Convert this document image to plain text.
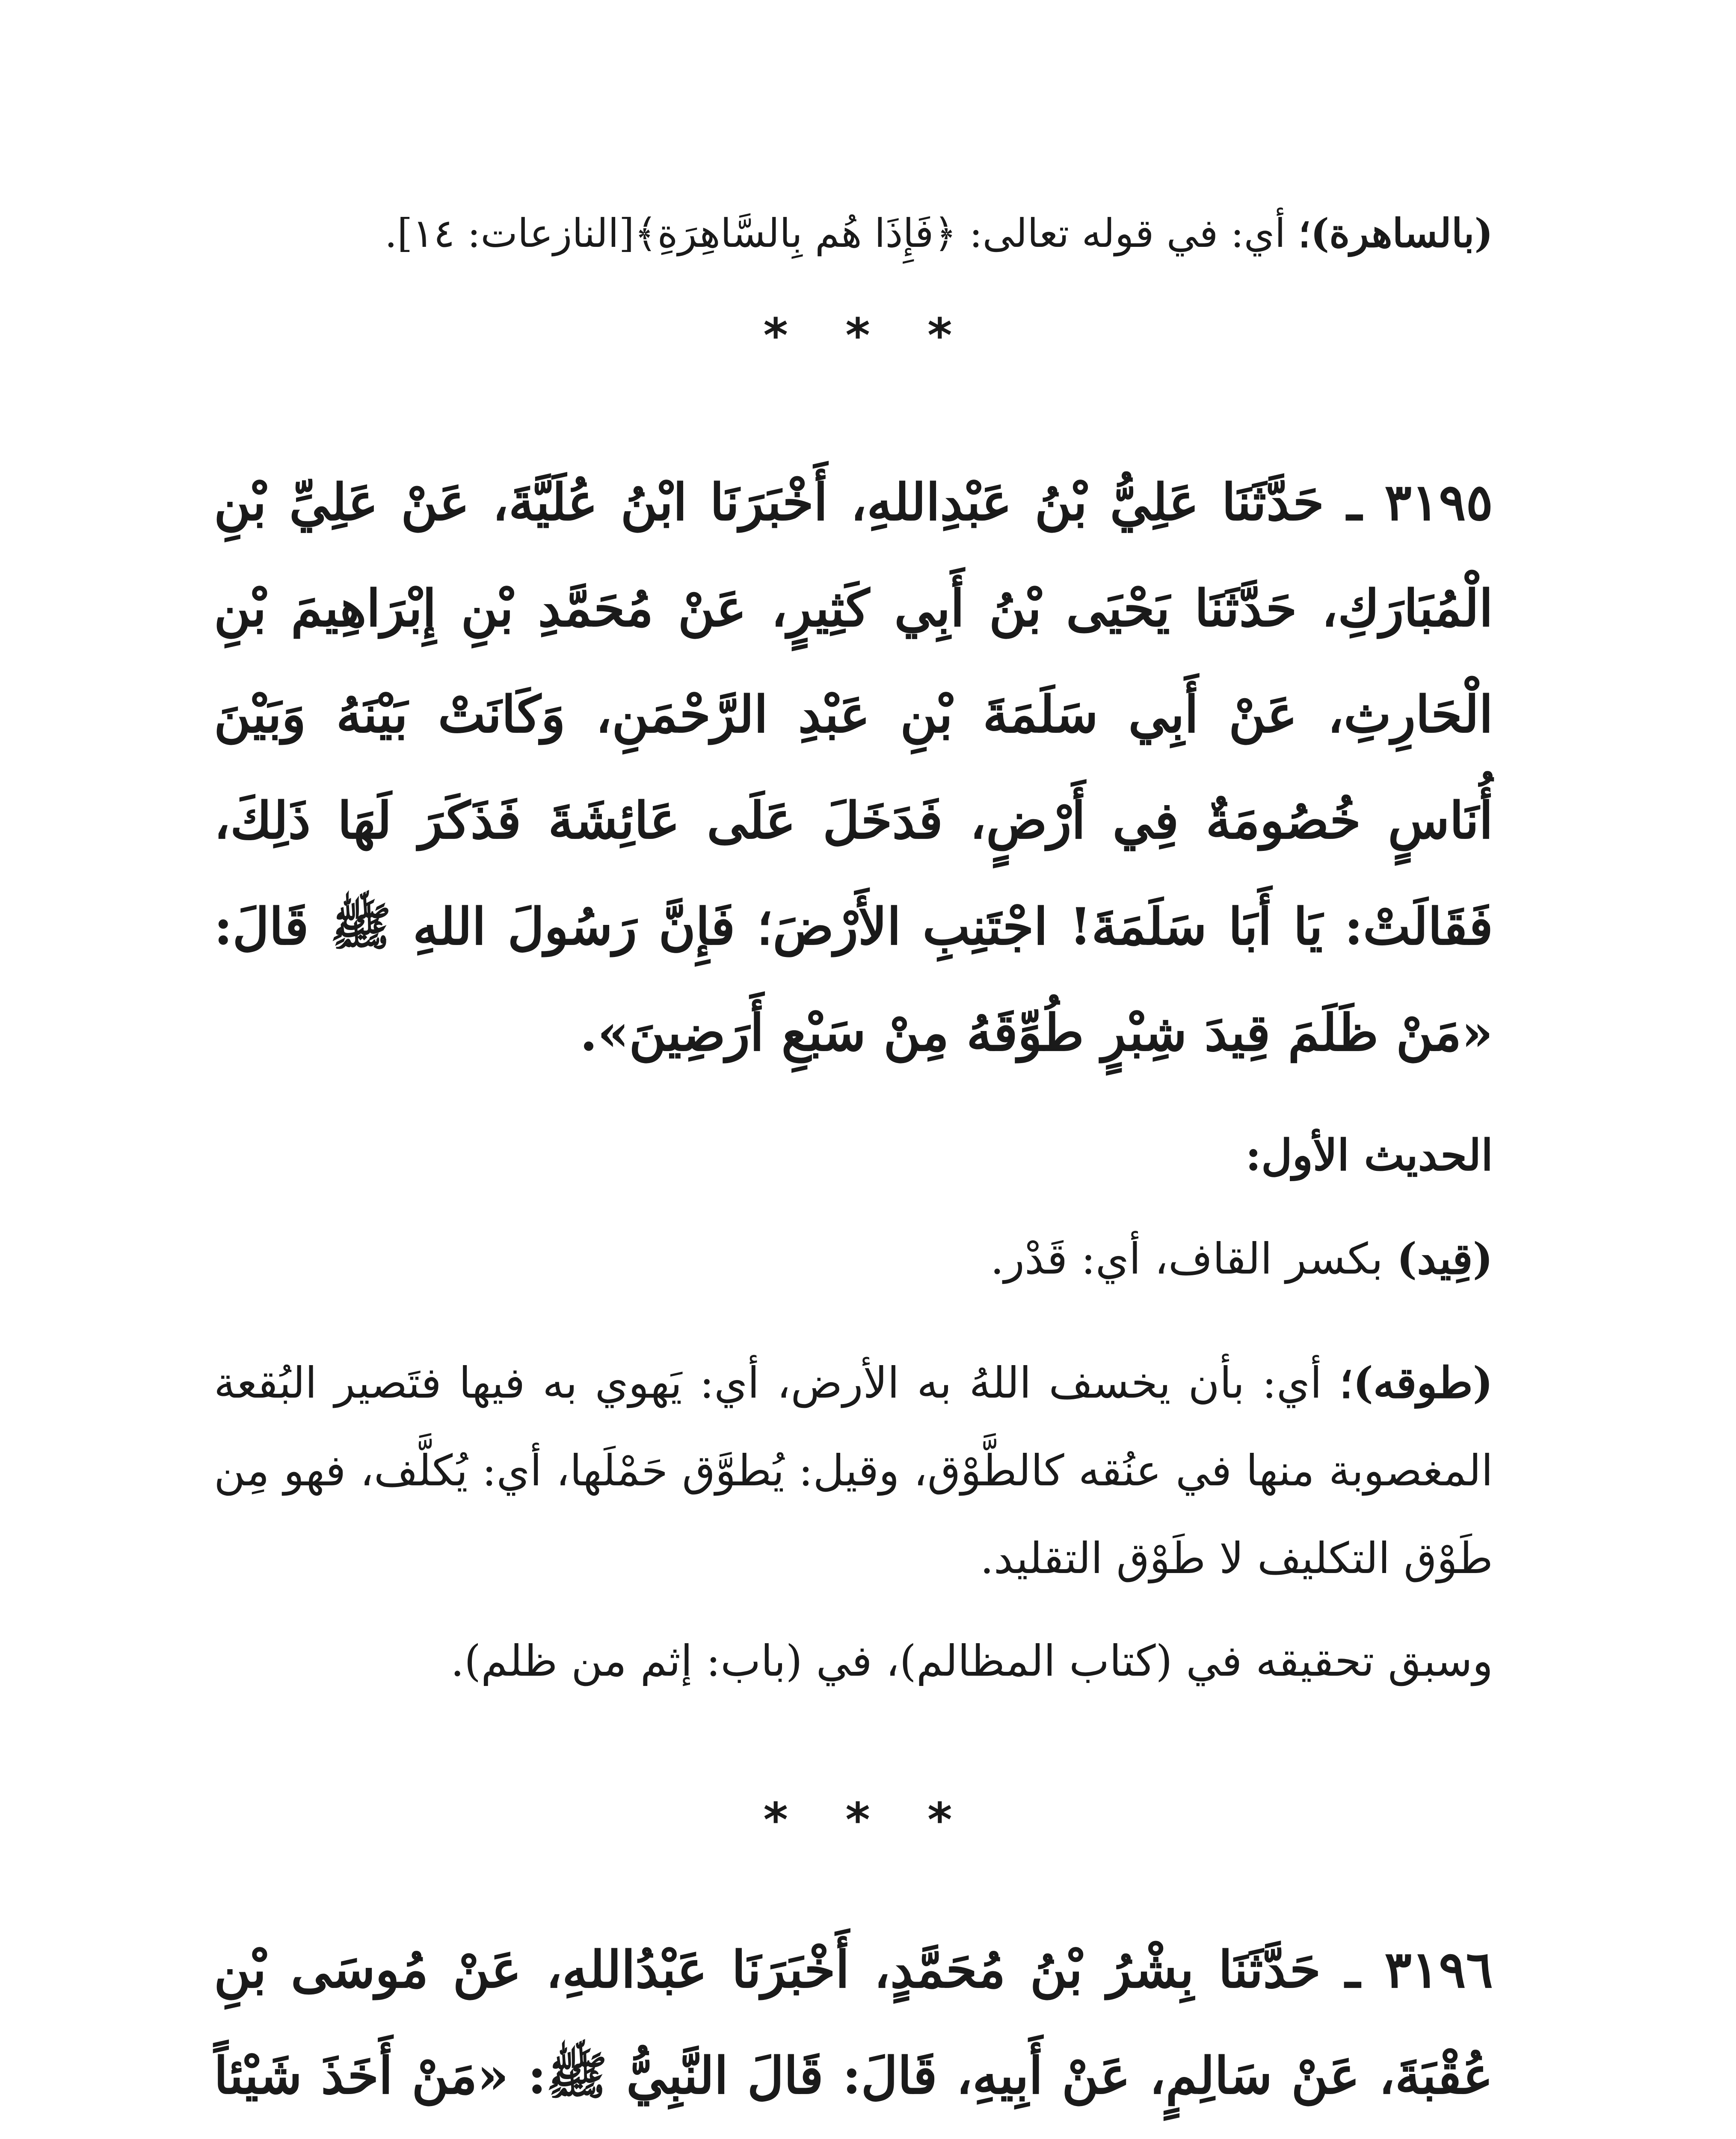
(بالساهرة)؛ أي: في قوله تعالى: ﴿فَإِذَا هُم بِالسَّاهِرَةِ﴾[النازعات: ١٤].

* * *

٣١٩٥ ـ حَدَّثَنَا عَلِيُّ بْنُ عَبْدِاللهِ، أَخْبَرَنَا ابْنُ عُلَيَّةَ، عَنْ عَلِيِّ بْنِ الْمُبَارَكِ، حَدَّثَنَا يَحْيَى بْنُ أَبِي كَثِيرٍ، عَنْ مُحَمَّدِ بْنِ إِبْرَاهِيمَ بْنِ الْحَارِثِ، عَنْ أَبِي سَلَمَةَ بْنِ عَبْدِ الرَّحْمَنِ، وَكَانَتْ بَيْنَهُ وَبَيْنَ أُنَاسٍ خُصُومَةٌ فِي أَرْضٍ، فَدَخَلَ عَلَى عَائِشَةَ فَذَكَرَ لَهَا ذَلِكَ، فَقَالَتْ: يَا أَبَا سَلَمَةَ! اجْتَنِبِ الأَرْضَ؛ فَإِنَّ رَسُولَ اللهِ ﷺ قَالَ: «مَنْ ظَلَمَ قِيدَ شِبْرٍ طُوِّقَهُ مِنْ سَبْعِ أَرَضِينَ».

الحديث الأول:

(قِيد) بكسر القاف، أي: قَدْر.

(طوقه)؛ أي: بأن يخسف اللهُ به الأرض، أي: يَهوي به فيها فتَصير البُقعة المغصوبة منها في عنُقه كالطَّوْق، وقيل: يُطوَّق حَمْلَها، أي: يُكلَّف، فهو مِن طَوْق التكليف لا طَوْق التقليد.

وسبق تحقيقه في (كتاب المظالم)، في (باب: إثم من ظلم).

* * *

٣١٩٦ ـ حَدَّثَنَا بِشْرُ بْنُ مُحَمَّدٍ، أَخْبَرَنَا عَبْدُاللهِ، عَنْ مُوسَى بْنِ عُقْبَةَ، عَنْ سَالِمٍ، عَنْ أَبِيهِ، قَالَ: قَالَ النَّبِيُّ ﷺ: «مَنْ أَخَذَ شَيْئاً
